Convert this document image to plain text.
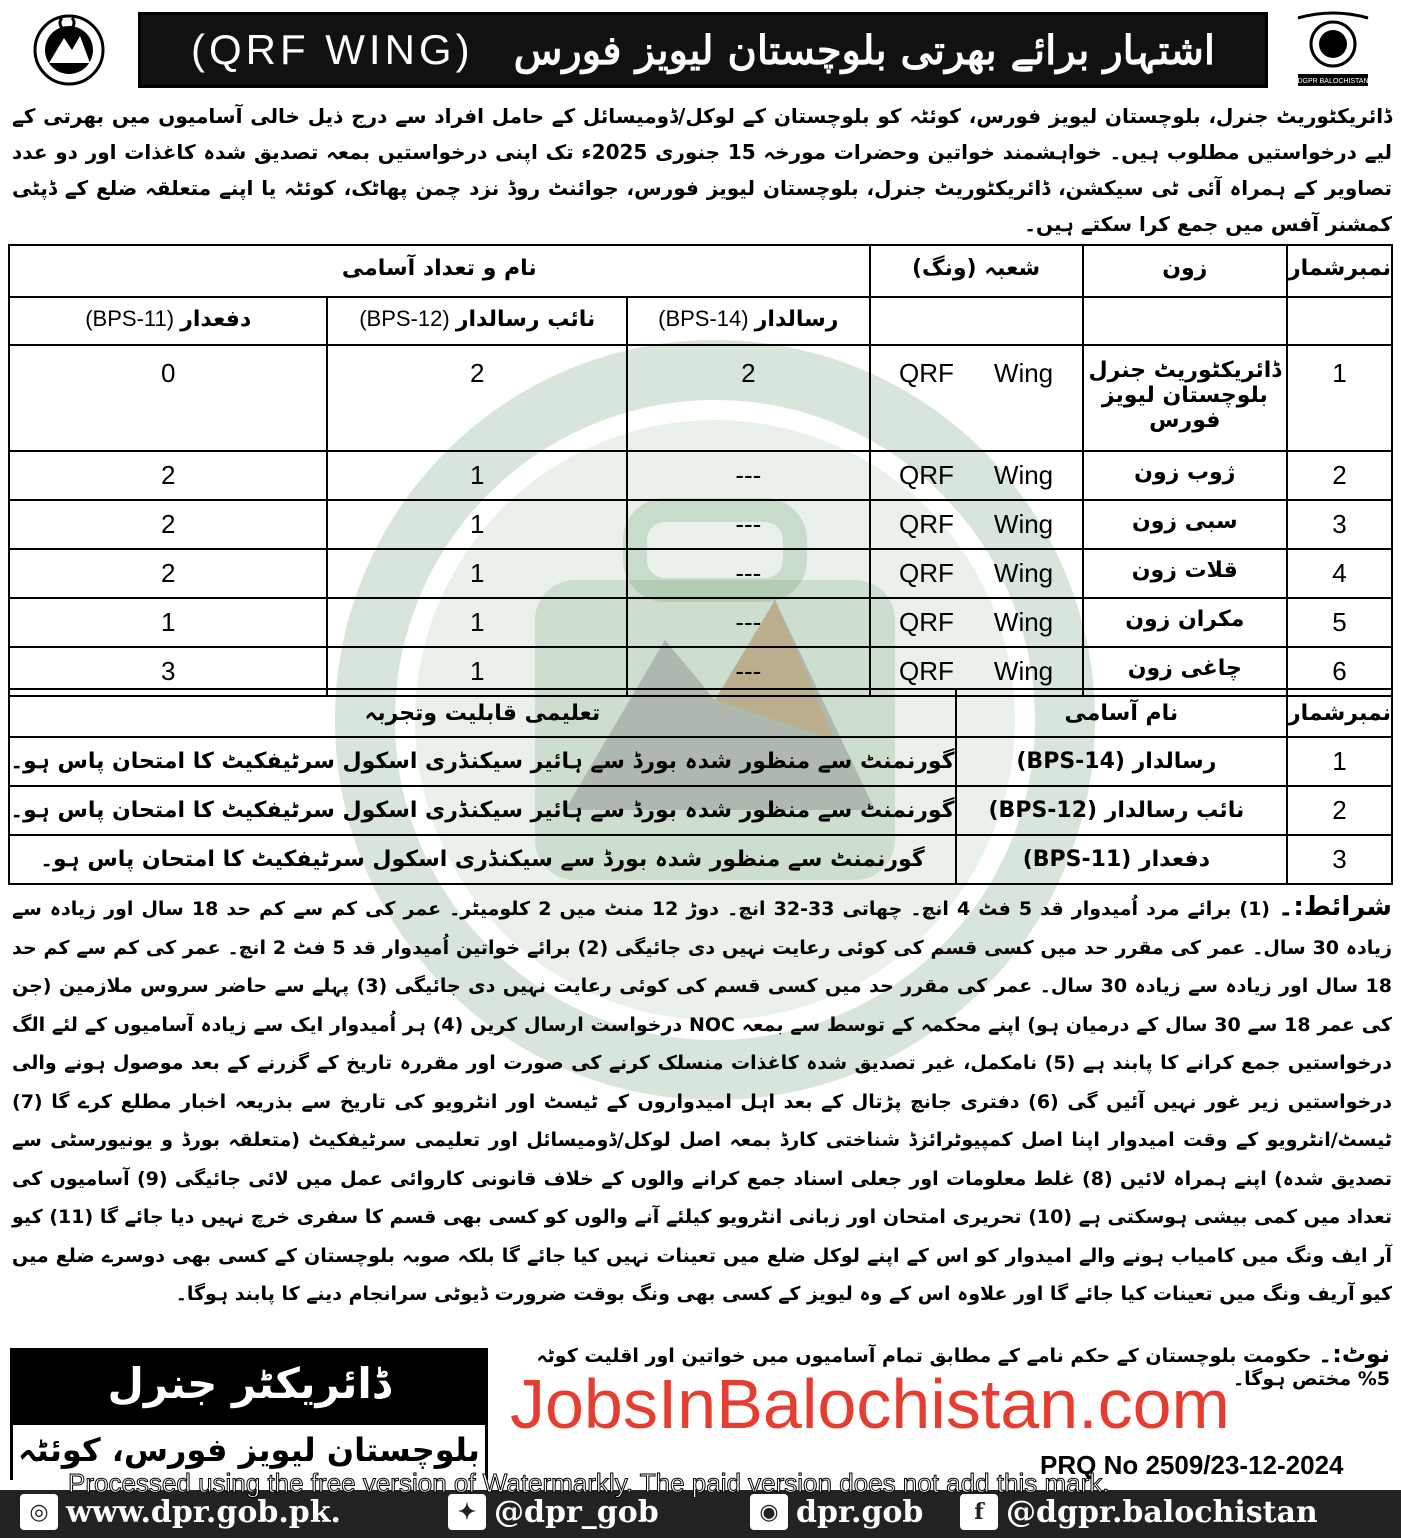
DGPR BALOCHISTAN
(QRF WING) اشتہار برائے بھرتی بلوچستان لیویز فورس

ڈائریکٹوریٹ جنرل، بلوچستان لیویز فورس، کوئٹہ کو بلوچستان کے لوکل/ڈومیسائل کے حامل افراد سے درج ذیل خالی آسامیوں میں بھرتی کے لیے درخواستیں مطلوب ہیں۔ خواہشمند خواتین وحضرات مورخہ 15 جنوری 2025ء تک اپنی درخواستیں بمعہ تصدیق شدہ کاغذات اور دو عدد تصاویر کے ہمراہ آئی ٹی سیکشن، ڈائریکٹوریٹ جنرل، بلوچستان لیویز فورس، جوائنٹ روڈ نزد چمن پھاٹک، کوئٹہ یا اپنے متعلقہ ضلع کے ڈپٹی کمشنر آفس میں جمع کرا سکتے ہیں۔

نام و تعداد آسامی			شعبہ (ونگ)	زون	نمبرشمار
(BPS-11) دفعدار	(BPS-12) نائب رسالدار	(BPS-14) رسالدار			
0	2	2	QRF Wing	ڈائریکٹوریٹ جنرل بلوچستان لیویز فورس	1
2	1	---	QRF Wing	ژوب زون	2
2	1	---	QRF Wing	سبی زون	3
2	1	---	QRF Wing	قلات زون	4
1	1	---	QRF Wing	مکران زون	5
3	1	---	QRF Wing	چاغی زون	6
تعلیمی قابلیت وتجربہ	نام آسامی	نمبرشمار
گورنمنٹ سے منظور شدہ بورڈ سے ہائیر سیکنڈری اسکول سرٹیفکیٹ کا امتحان پاس ہو۔	رسالدار (BPS-14)	1
گورنمنٹ سے منظور شدہ بورڈ سے ہائیر سیکنڈری اسکول سرٹیفکیٹ کا امتحان پاس ہو۔	نائب رسالدار (BPS-12)	2
گورنمنٹ سے منظور شدہ بورڈ سے سیکنڈری اسکول سرٹیفکیٹ کا امتحان پاس ہو۔	دفعدار (BPS-11)	3

شرائط:۔ (1) برائے مرد اُمیدوار قد 5 فٹ 4 انچ۔ چھاتی 33-32 انچ۔ دوڑ 12 منٹ میں 2 کلومیٹر۔ عمر کی کم سے کم حد 18 سال اور زیادہ سے زیادہ 30 سال۔ عمر کی مقرر حد میں کسی قسم کی کوئی رعایت نہیں دی جائیگی (2) برائے خواتین اُمیدوار قد 5 فٹ 2 انچ۔ عمر کی کم سے کم حد 18 سال اور زیادہ سے زیادہ 30 سال۔ عمر کی مقرر حد میں کسی قسم کی کوئی رعایت نہیں دی جائیگی (3) پہلے سے حاضر سروس ملازمین (جن کی عمر 18 سے 30 سال کے درمیان ہو) اپنے محکمہ کے توسط سے بمعہ NOC درخواست ارسال کریں (4) ہر اُمیدوار ایک سے زیادہ آسامیوں کے لئے الگ درخواستیں جمع کرانے کا پابند ہے (5) نامکمل، غیر تصدیق شدہ کاغذات منسلک کرنے کی صورت اور مقررہ تاریخ کے گزرنے کے بعد موصول ہونے والی درخواستیں زیر غور نہیں آئیں گی (6) دفتری جانچ پڑتال کے بعد اہل امیدواروں کے ٹیسٹ اور انٹرویو کی تاریخ سے بذریعہ اخبار مطلع کرے گا (7) ٹیسٹ/انٹرویو کے وقت امیدوار اپنا اصل کمپیوٹرائزڈ شناختی کارڈ بمعہ اصل لوکل/ڈومیسائل اور تعلیمی سرٹیفکیٹ (متعلقہ بورڈ و یونیورسٹی سے تصدیق شدہ) اپنے ہمراہ لائیں (8) غلط معلومات اور جعلی اسناد جمع کرانے والوں کے خلاف قانونی کاروائی عمل میں لائی جائیگی (9) آسامیوں کی تعداد میں کمی بیشی ہوسکتی ہے (10) تحریری امتحان اور زبانی انٹرویو کیلئے آنے والوں کو کسی بھی قسم کا سفری خرچ نہیں دیا جائے گا (11) کیو آر ایف ونگ میں کامیاب ہونے والے امیدوار کو اس کے اپنے لوکل ضلع میں تعینات نہیں کیا جائے گا بلکہ صوبہ بلوچستان کے کسی بھی دوسرے ضلع میں کیو آریف ونگ میں تعینات کیا جائے گا اور علاوہ اس کے وہ لیویز کے کسی بھی ونگ بوقت ضرورت ڈیوٹی سرانجام دینے کا پابند ہوگا۔

نوٹ:۔ حکومت بلوچستان کے حکم نامے کے مطابق تمام آسامیوں میں خواتین اور اقلیت کوٹہ 5% مختص ہوگا۔

ڈائریکٹر جنرل
بلوچستان لیویز فورس، کوئٹہ
JobsInBalochistan.com
PRQ No 2509/23-12-2024
◎ www.dpr.gob.pk.	✦ @dpr_gob	◉ dpr.gob	f @dgpr.balochistan
Processed using the free version of Watermarkly. The paid version does not add this mark.
